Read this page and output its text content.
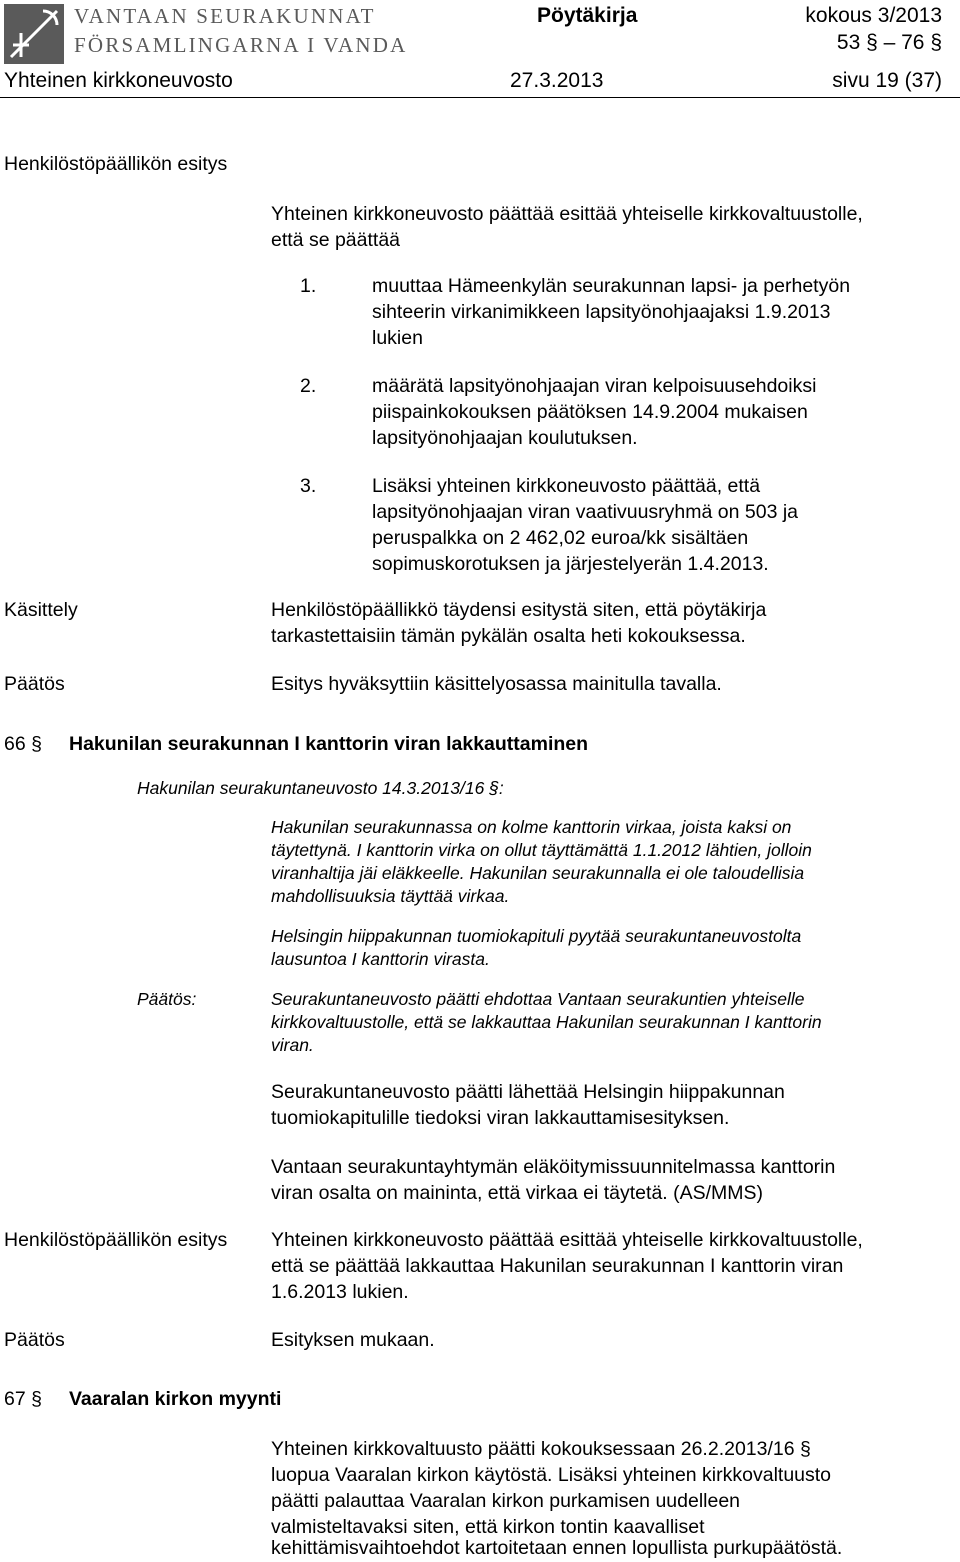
VANTAAN SEURAKUNNAT
FÖRSAMLINGARNA I VANDA
Pöytäkirja	kokous 3/2013
53 § – 76 §
Yhteinen kirkkoneuvosto	27.3.2013	sivu 19 (37)
Henkilöstöpäällikön esitys
Yhteinen kirkkoneuvosto päättää esittää yhteiselle kirkkovaltuustolle,
että se päättää
1.	muuttaa Hämeenkylän seurakunnan lapsi- ja perhetyön
sihteerin virkanimikkeen lapsityönohjaajaksi 1.9.2013
lukien
2.	määrätä lapsityönohjaajan viran kelpoisuusehdoiksi
piispainkokouksen päätöksen 14.9.2004 mukaisen
lapsityönohjaajan koulutuksen.
3.	Lisäksi yhteinen kirkkoneuvosto päättää, että
lapsityönohjaajan viran vaativuusryhmä on 503 ja
peruspalkka on 2 462,02 euroa/kk sisältäen
sopimuskorotuksen ja järjestelyerän 1.4.2013.
Käsittely	Henkilöstöpäällikkö täydensi esitystä siten, että pöytäkirja
tarkastettaisiin tämän pykälän osalta heti kokouksessa.
Päätös	Esitys hyväksyttiin käsittelyosassa mainitulla tavalla.
66 § Hakunilan seurakunnan I kanttorin viran lakkauttaminen
Hakunilan seurakuntaneuvosto 14.3.2013/16 §:
Hakunilan seurakunnassa on kolme kanttorin virkaa, joista kaksi on
täytettynä. I kanttorin virka on ollut täyttämättä 1.1.2012 lähtien, jolloin
viranhaltija jäi eläkkeelle. Hakunilan seurakunnalla ei ole taloudellisia
mahdollisuuksia täyttää virkaa.
Helsingin hiippakunnan tuomiokapituli pyytää seurakuntaneuvostolta
lausuntoa I kanttorin virasta.
Päätös:	Seurakuntaneuvosto päätti ehdottaa Vantaan seurakuntien yhteiselle
kirkkovaltuustolle, että se lakkauttaa Hakunilan seurakunnan I kanttorin
viran.
Seurakuntaneuvosto päätti lähettää Helsingin hiippakunnan
tuomiokapitulille tiedoksi viran lakkauttamisesityksen.
Vantaan seurakuntayhtymän eläköitymissuunnitelmassa kanttorin
viran osalta on maininta, että virkaa ei täytetä. (AS/MMS)
Henkilöstöpäällikön esitys Yhteinen kirkkoneuvosto päättää esittää yhteiselle kirkkovaltuustolle,
että se päättää lakkauttaa Hakunilan seurakunnan I kanttorin viran
1.6.2013 lukien.
Päätös	Esityksen mukaan.
67 § Vaaralan kirkon myynti
Yhteinen kirkkovaltuusto päätti kokouksessaan 26.2.2013/16 §
luopua Vaaralan kirkon käytöstä. Lisäksi yhteinen kirkkovaltuusto
päätti palauttaa Vaaralan kirkon purkamisen uudelleen
valmisteltavaksi siten, että kirkon tontin kaavalliset
kehittämisvaihtoehdot kartoitetaan ennen lopullista purkupäätöstä.
